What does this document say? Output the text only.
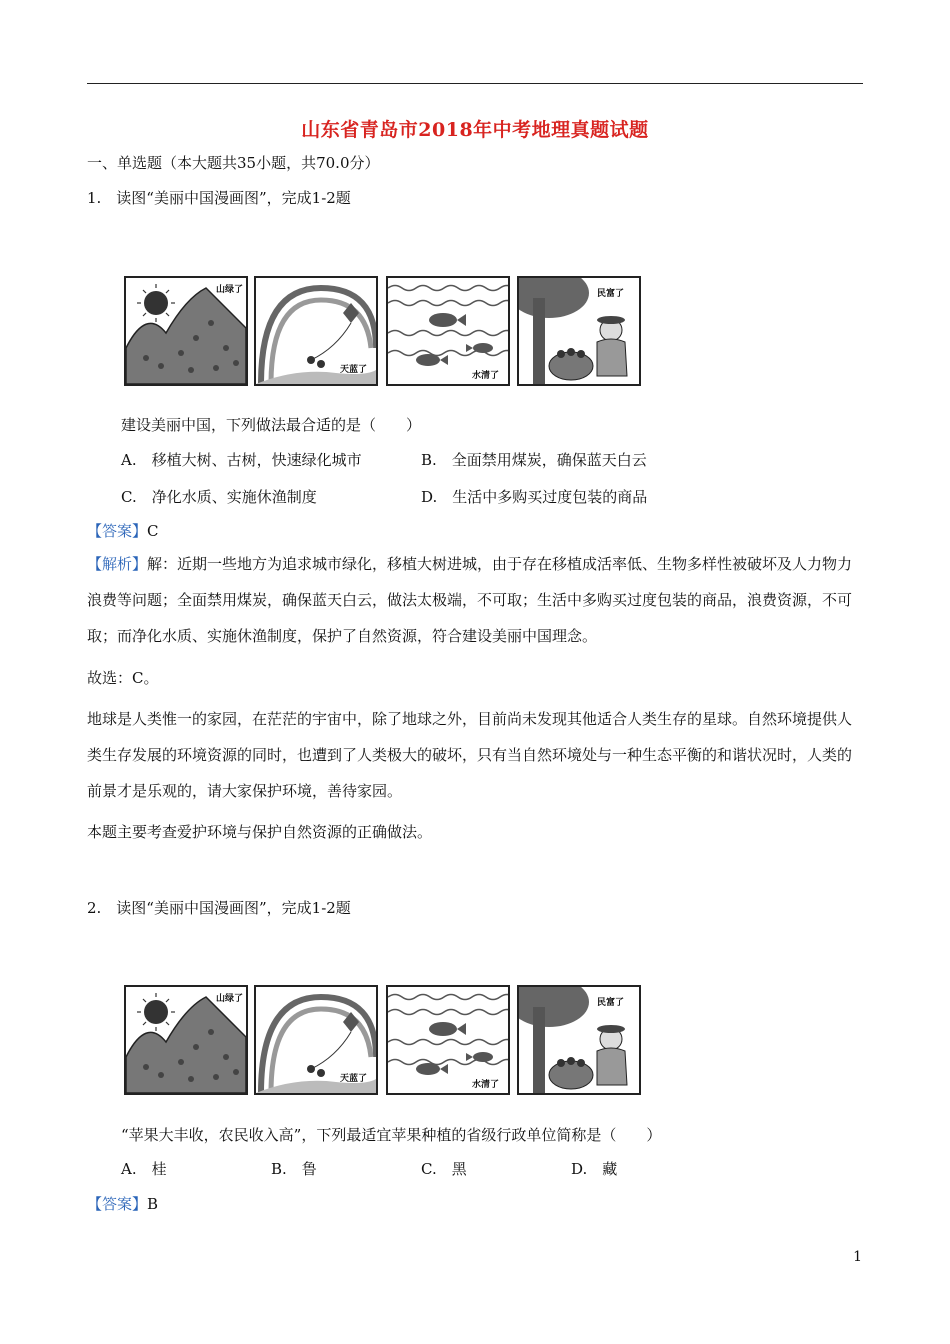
山东省青岛市2018年中考地理真题试题
一、单选题（本大题共35小题，共70.0分）
1.　读图“美丽中国漫画图”，完成1-2题
山绿了
天蓝了
水清了
民富了
建设美丽中国，下列做法最合适的是（　　）
A.　移植大树、古树，快速绿化城市	B.　全面禁用煤炭，确保蓝天白云
C.　净化水质、实施休渔制度	D.　生活中多购买过度包装的商品
【答案】C
【解析】解：近期一些地方为追求城市绿化，移植大树进城，由于存在移植成活率低、生物多样性被破坏及人力物力浪费等问题；全面禁用煤炭，确保蓝天白云，做法太极端，不可取；生活中多购买过度包装的商品，浪费资源，不可取；而净化水质、实施休渔制度，保护了自然资源，符合建设美丽中国理念。
故选：C。
地球是人类惟一的家园，在茫茫的宇宙中，除了地球之外，目前尚未发现其他适合人类生存的星球。自然环境提供人类生存发展的环境资源的同时，也遭到了人类极大的破坏，只有当自然环境处与一种生态平衡的和谐状况时，人类的前景才是乐观的，请大家保护环境，善待家园。
本题主要考查爱护环境与保护自然资源的正确做法。
2.　读图“美丽中国漫画图”，完成1-2题
山绿了
天蓝了
水清了
民富了
“苹果大丰收，农民收入高”，下列最适宜苹果种植的省级行政单位简称是（　　）
A.　桂	B.　鲁	C.　黑	D.　藏
【答案】B
1
